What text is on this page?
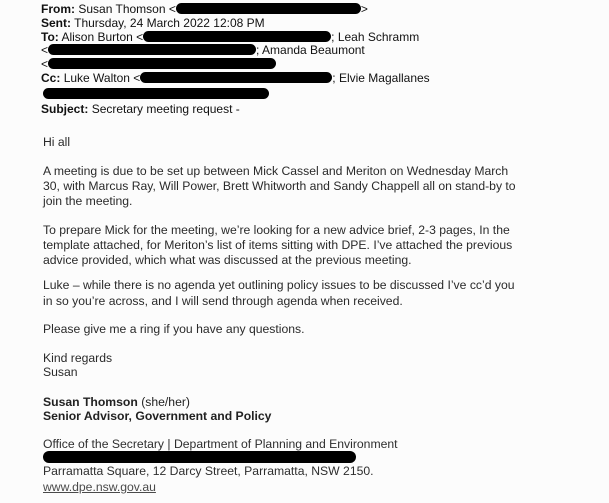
From: Susan Thomson <	>
Sent: Thursday, 24 March 2022 12:08 PM
To: Alison Burton <	; Leah Schramm
<	; Amanda Beaumont
<
Cc: Luke Walton <	; Elvie Magallanes
Subject: Secretary meeting request -
Hi all
A meeting is due to be set up between Mick Cassel and Meriton on Wednesday March
30, with Marcus Ray, Will Power, Brett Whitworth and Sandy Chappell all on stand-by to
join the meeting.
To prepare Mick for the meeting, we’re looking for a new advice brief, 2-3 pages, In the
template attached, for Meriton’s list of items sitting with DPE. I’ve attached the previous
advice provided, which what was discussed at the previous meeting.
Luke – while there is no agenda yet outlining policy issues to be discussed I’ve cc’d you
in so you’re across, and I will send through agenda when received.
Please give me a ring if you have any questions.
Kind regards
Susan
Susan Thomson (she/her)
Senior Advisor, Government and Policy
Office of the Secretary | Department of Planning and Environment
Parramatta Square, 12 Darcy Street, Parramatta, NSW 2150.
www.dpe.nsw.gov.au
